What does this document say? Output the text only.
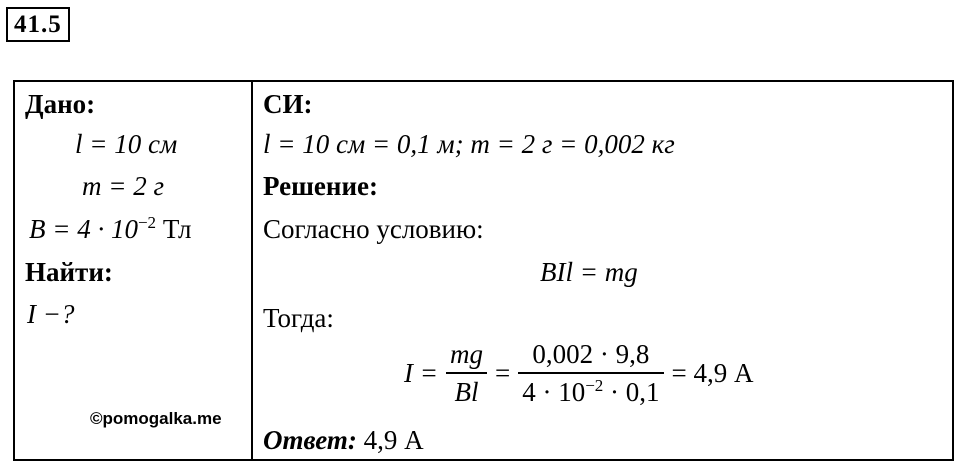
41.5
Дано:
l = 10 см
m = 2 г
$B = 4 \cdot 10^{-2}$ Тл
Найти:
I −?
©pomogalka.me
СИ:
l = 10 см = 0,1 м; m = 2 г = 0,002 кг
Решение:
Согласно условию:
BIl = mg
Тогда:
$I = \frac{mg}{Bl} = \frac{0,002 \cdot 9,8}{4 \cdot 10^{-2} \cdot 0,1} = 4,9$ А
Ответ: 4,9 А
